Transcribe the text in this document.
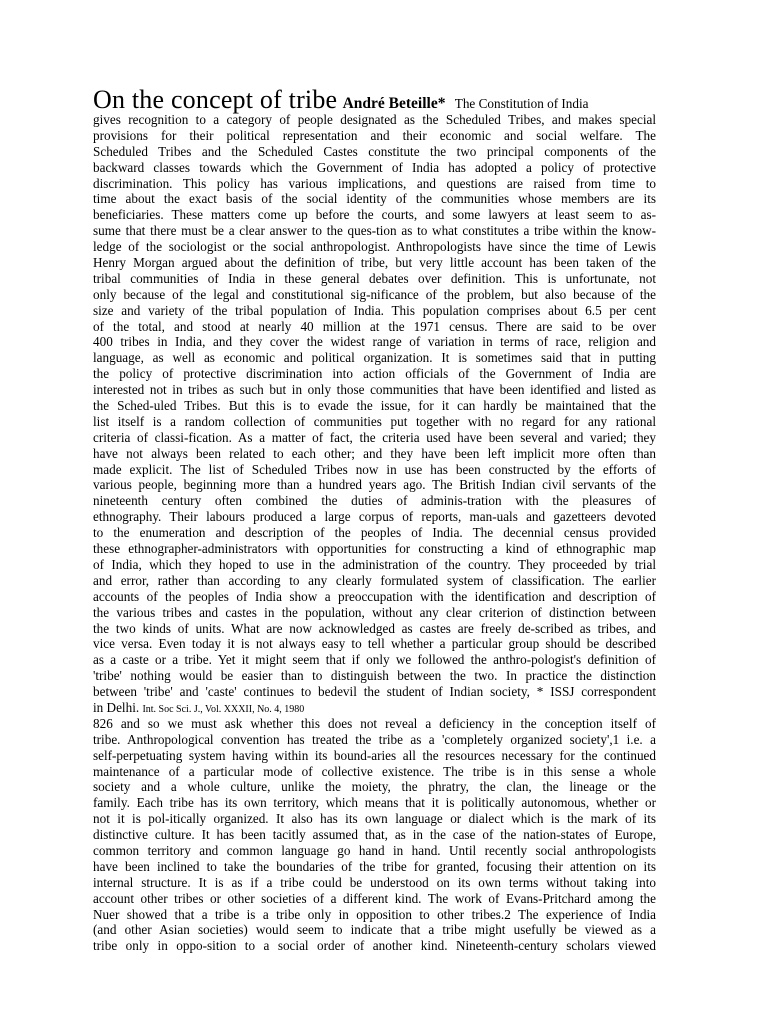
On the concept of tribe André Beteille* The Constitution of India
gives recognition to a category of people designated as the Scheduled Tribes, and makes special
provisions for their political representation and their economic and social welfare. The
Scheduled Tribes and the Scheduled Castes constitute the two principal components of the
backward classes towards which the Government of India has adopted a policy of protective
discrimination. This policy has various implications, and questions are raised from time to
time about the exact basis of the social identity of the communities whose members are its
beneficiaries. These matters come up before the courts, and some lawyers at least seem to as-
sume that there must be a clear answer to the ques-tion as to what constitutes a tribe within the know-
ledge of the sociologist or the social anthropologist. Anthropologists have since the time of Lewis
Henry Morgan argued about the definition of tribe, but very little account has been taken of the
tribal communities of India in these general debates over definition. This is unfortunate, not
only because of the legal and constitutional sig-nificance of the problem, but also because of the
size and variety of the tribal population of India. This population comprises about 6.5 per cent
of the total, and stood at nearly 40 million at the 1971 census. There are said to be over
400 tribes in India, and they cover the widest range of variation in terms of race, religion and
language, as well as economic and political organization. It is sometimes said that in putting
the policy of protective discrimination into action officials of the Government of India are
interested not in tribes as such but in only those communities that have been identified and listed as
the Sched-uled Tribes. But this is to evade the issue, for it can hardly be maintained that the
list itself is a random collection of communities put together with no regard for any rational
criteria of classi-fication. As a matter of fact, the criteria used have been several and varied; they
have not always been related to each other; and they have been left implicit more often than
made explicit. The list of Scheduled Tribes now in use has been constructed by the efforts of
various people, beginning more than a hundred years ago. The British Indian civil servants of the
nineteenth century often combined the duties of adminis-tration with the pleasures of
ethnography. Their labours produced a large corpus of reports, man-uals and gazetteers devoted
to the enumeration and description of the peoples of India. The decennial census provided
these ethnographer-administrators with opportunities for constructing a kind of ethnographic map
of India, which they hoped to use in the administration of the country. They proceeded by trial
and error, rather than according to any clearly formulated system of classification. The earlier
accounts of the peoples of India show a preoccupation with the identification and description of
the various tribes and castes in the population, without any clear criterion of distinction between
the two kinds of units. What are now acknowledged as castes are freely de-scribed as tribes, and
vice versa. Even today it is not always easy to tell whether a particular group should be described
as a caste or a tribe. Yet it might seem that if only we followed the anthro-pologist's definition of
'tribe' nothing would be easier than to distinguish between the two. In practice the distinction
between 'tribe' and 'caste' continues to bedevil the student of Indian society, * ISSJ correspondent
in Delhi. Int. Soc Sci. J., Vol. XXXII, No. 4, 1980
826 and so we must ask whether this does not reveal a deficiency in the conception itself of
tribe. Anthropological convention has treated the tribe as a 'completely organized society',1 i.e. a
self-perpetuating system having within its bound-aries all the resources necessary for the continued
maintenance of a particular mode of collective existence. The tribe is in this sense a whole
society and a whole culture, unlike the moiety, the phratry, the clan, the lineage or the
family. Each tribe has its own territory, which means that it is politically autonomous, whether or
not it is pol-itically organized. It also has its own language or dialect which is the mark of its
distinctive culture. It has been tacitly assumed that, as in the case of the nation-states of Europe,
common territory and common language go hand in hand. Until recently social anthropologists
have been inclined to take the boundaries of the tribe for granted, focusing their attention on its
internal structure. It is as if a tribe could be understood on its own terms without taking into
account other tribes or other societies of a different kind. The work of Evans-Pritchard among the
Nuer showed that a tribe is a tribe only in opposition to other tribes.2 The experience of India
(and other Asian societies) would seem to indicate that a tribe might usefully be viewed as a
tribe only in oppo-sition to a social order of another kind. Nineteenth-century scholars viewed
